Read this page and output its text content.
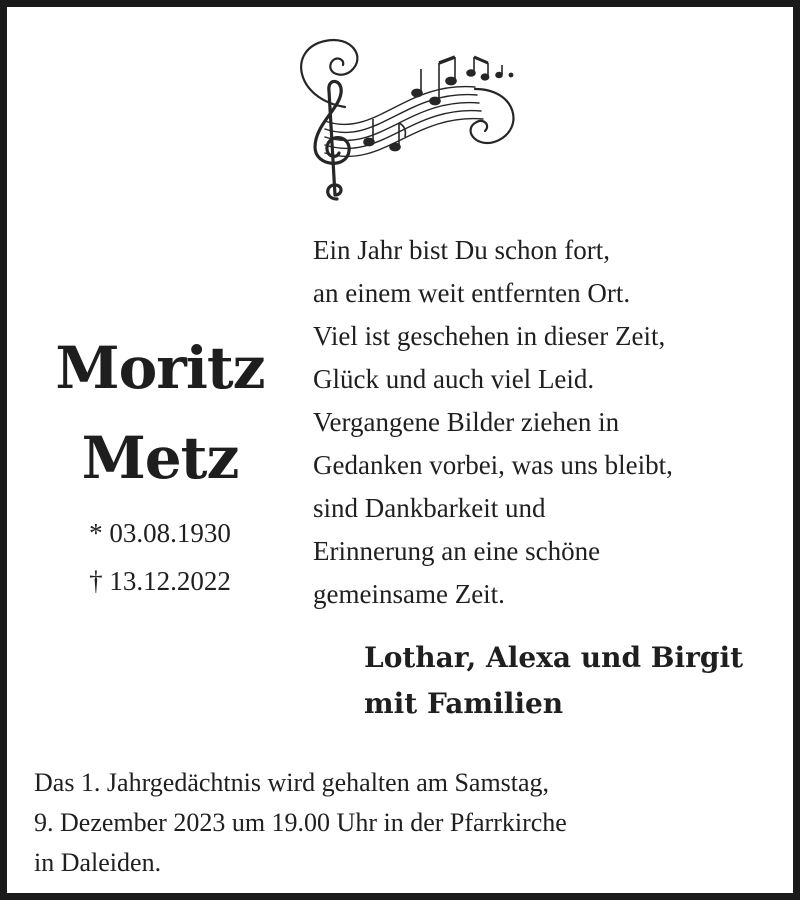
Moritz
Metz
* 03.08.1930
† 13.12.2022
Ein Jahr bist Du schon fort,
an einem weit entfernten Ort.
Viel ist geschehen in dieser Zeit,
Glück und auch viel Leid.
Vergangene Bilder ziehen in
Gedanken vorbei, was uns bleibt,
sind Dankbarkeit und
Erinnerung an eine schöne
gemeinsame Zeit.
Lothar, Alexa und Birgit
mit Familien
Das 1. Jahrgedächtnis wird gehalten am Samstag,
9. Dezember 2023 um 19.00 Uhr in der Pfarrkirche
in Daleiden.
